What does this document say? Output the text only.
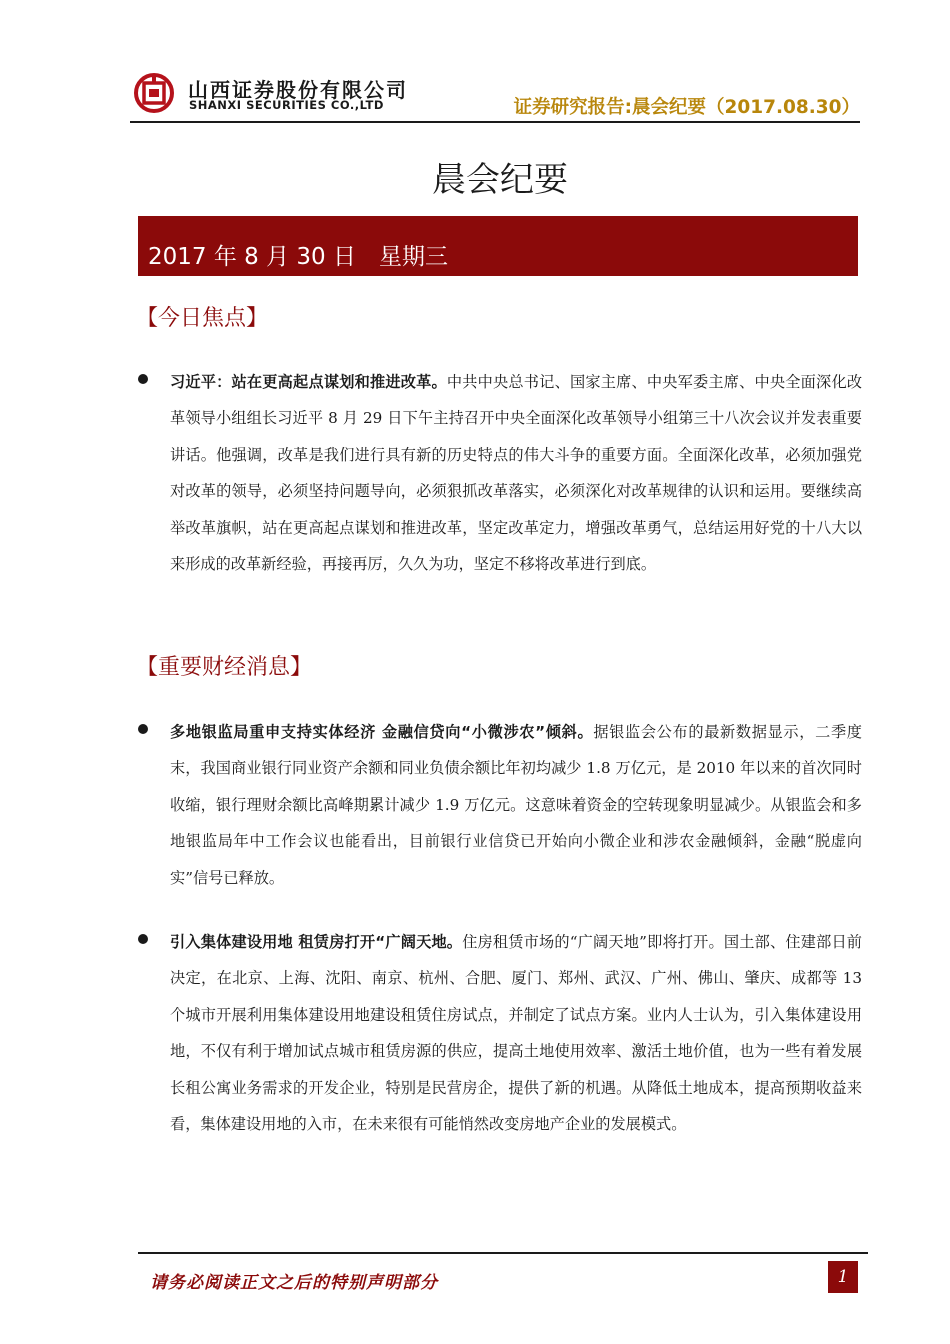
山西证券股份有限公司
SHANXI SECURITIES CO.,LTD	证券研究报告:晨会纪要（2017.08.30）
晨会纪要
2017 年 8 月 30 日　星期三
【今日焦点】
习近平：站在更高起点谋划和推进改革。中共中央总书记、国家主席、中央军委主席、中央全面深化改革领导小组组长习近平 8 月 29 日下午主持召开中央全面深化改革领导小组第三十八次会议并发表重要讲话。他强调，改革是我们进行具有新的历史特点的伟大斗争的重要方面。全面深化改革，必须加强党对改革的领导，必须坚持问题导向，必须狠抓改革落实，必须深化对改革规律的认识和运用。要继续高举改革旗帜，站在更高起点谋划和推进改革，坚定改革定力，增强改革勇气，总结运用好党的十八大以来形成的改革新经验，再接再厉，久久为功，坚定不移将改革进行到底。
【重要财经消息】
多地银监局重申支持实体经济 金融信贷向“小微涉农”倾斜。据银监会公布的最新数据显示，二季度末，我国商业银行同业资产余额和同业负债余额比年初均减少 1.8 万亿元，是 2010 年以来的首次同时收缩，银行理财余额比高峰期累计减少 1.9 万亿元。这意味着资金的空转现象明显减少。从银监会和多地银监局年中工作会议也能看出，目前银行业信贷已开始向小微企业和涉农金融倾斜，金融“脱虚向实”信号已释放。
引入集体建设用地 租赁房打开“广阔天地。住房租赁市场的“广阔天地”即将打开。国土部、住建部日前决定，在北京、上海、沈阳、南京、杭州、合肥、厦门、郑州、武汉、广州、佛山、肇庆、成都等 13 个城市开展利用集体建设用地建设租赁住房试点，并制定了试点方案。业内人士认为，引入集体建设用地，不仅有利于增加试点城市租赁房源的供应，提高土地使用效率、激活土地价值，也为一些有着发展长租公寓业务需求的开发企业，特别是民营房企，提供了新的机遇。从降低土地成本，提高预期收益来看，集体建设用地的入市，在未来很有可能悄然改变房地产企业的发展模式。
请务必阅读正文之后的特别声明部分	1
